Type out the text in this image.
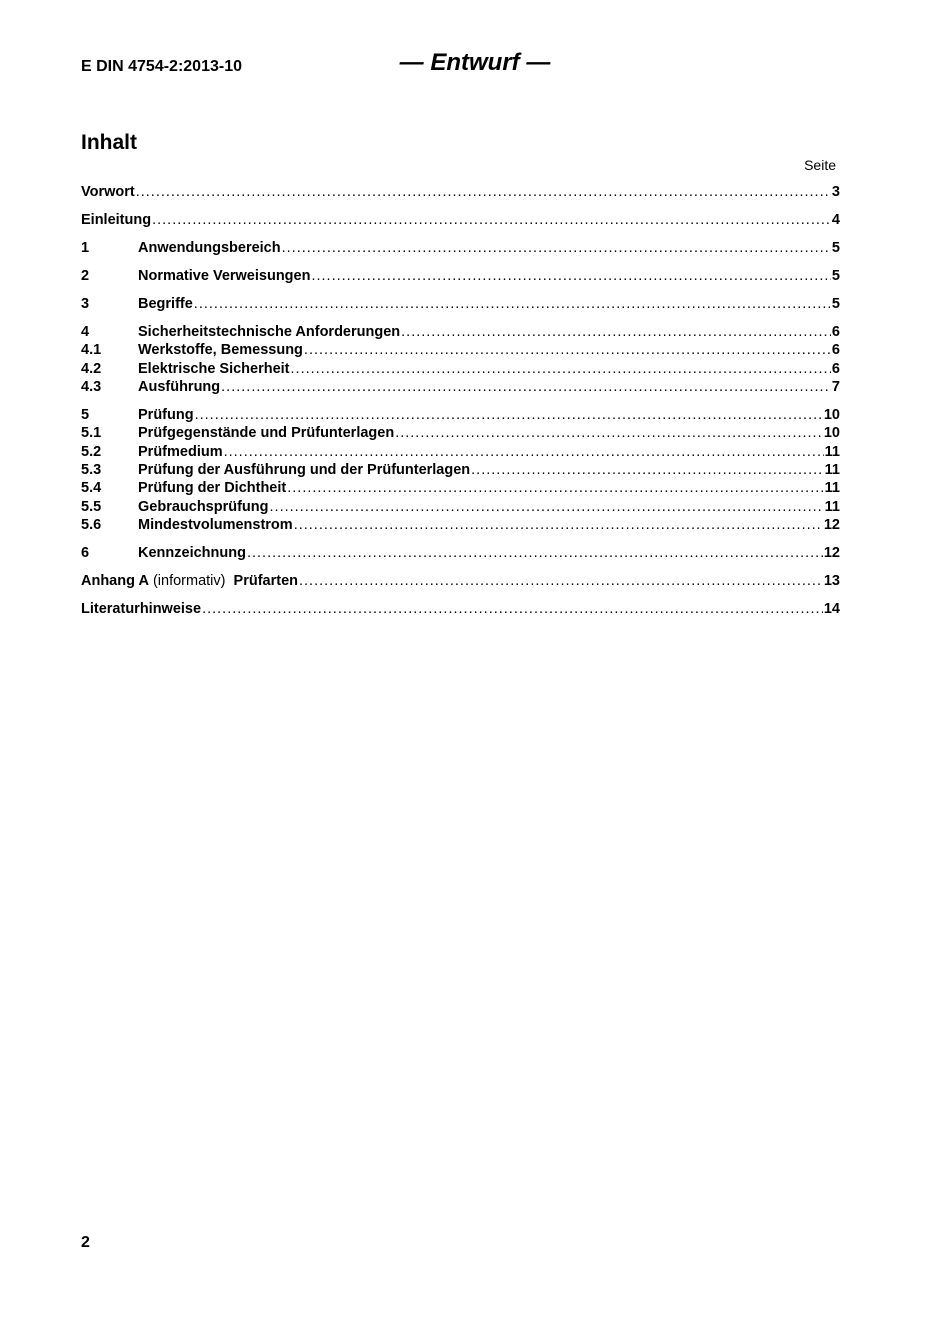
E DIN 4754-2:2013-10	— Entwurf —
Inhalt
Seite
Vorwort .....	3
Einleitung .....	4
1	Anwendungsbereich .....	5
2	Normative Verweisungen .....	5
3	Begriffe .....	5
4	Sicherheitstechnische Anforderungen .....	6
4.1	Werkstoffe, Bemessung .....	6
4.2	Elektrische Sicherheit .....	6
4.3	Ausführung .....	7
5	Prüfung .....	10
5.1	Prüfgegenstände und Prüfunterlagen .....	10
5.2	Prüfmedium .....	11
5.3	Prüfung der Ausführung und der Prüfunterlagen .....	11
5.4	Prüfung der Dichtheit .....	11
5.5	Gebrauchsprüfung .....	11
5.6	Mindestvolumenstrom .....	12
6	Kennzeichnung .....	12
Anhang A (informativ) Prüfarten .....	13
Literaturhinweise .....	14
2
